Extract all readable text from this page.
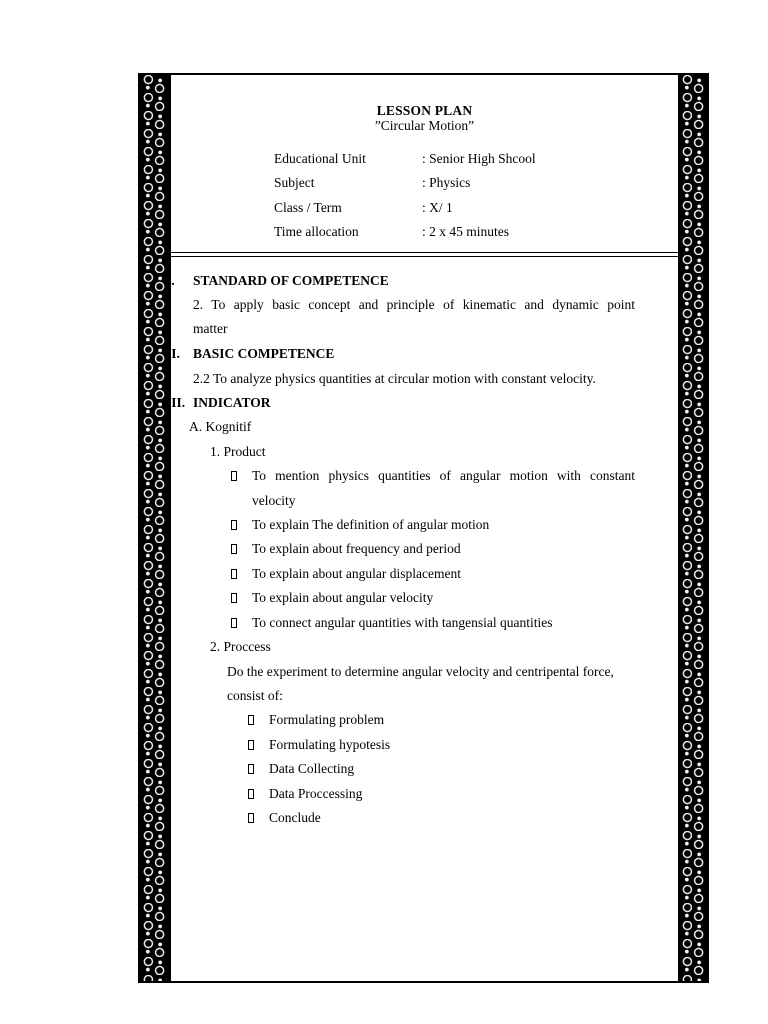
LESSON PLAN
”Circular Motion”
Educational Unit	: Senior High Shcool
Subject	: Physics
Class / Term	: X/ 1
Time allocation	: 2 x 45 minutes
I. STANDARD OF COMPETENCE
2. To apply basic concept and principle of kinematic and dynamic point
matter
II. BASIC COMPETENCE
2.2 To analyze physics quantities at circular motion with constant velocity.
III. INDICATOR
A. Kognitif
1. Product
To mention physics quantities of angular motion with constant
velocity
To explain The definition of angular motion
To explain about frequency and period
To explain about angular displacement
To explain about angular velocity
To connect angular quantities with tangensial quantities
2. Proccess
Do the experiment to determine angular velocity and centripental force,
consist of:
Formulating problem
Formulating hypotesis
Data Collecting
Data Proccessing
Conclude
